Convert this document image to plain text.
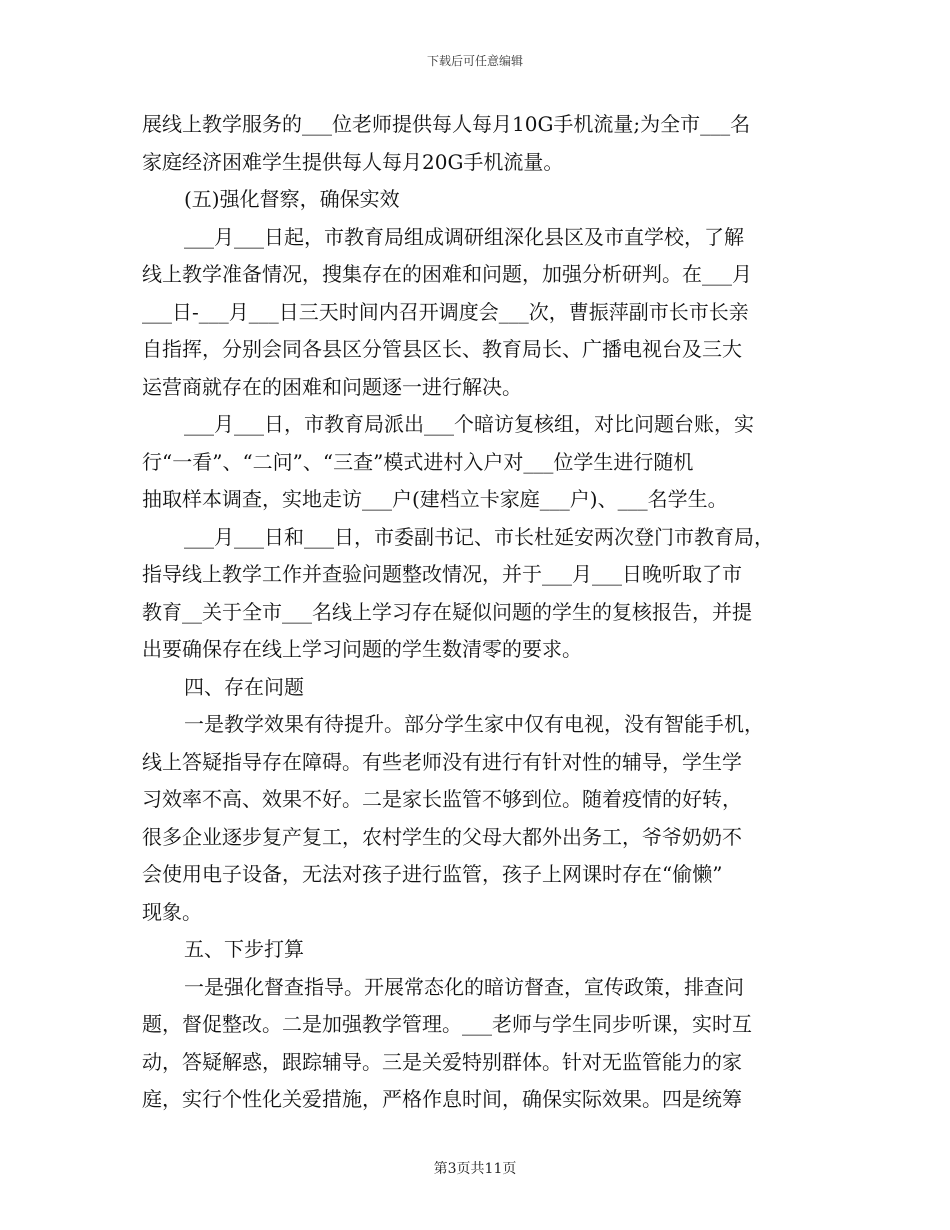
下载后可任意编辑
展线上教学服务的___位老师提供每人每月10G手机流量;为全市___名
家庭经济困难学生提供每人每月20G手机流量。
(五)强化督察，确保实效
___月___日起，市教育局组成调研组深化县区及市直学校，了解
线上教学准备情况，搜集存在的困难和问题，加强分析研判。在___月
___日-___月___日三天时间内召开调度会___次，曹振萍副市长市长亲
自指挥，分别会同各县区分管县区长、教育局长、广播电视台及三大
运营商就存在的困难和问题逐一进行解决。
___月___日，市教育局派出___个暗访复核组，对比问题台账，实
行“一看”、“二问”、“三查”模式进村入户对___位学生进行随机
抽取样本调查，实地走访___户(建档立卡家庭___户)、___名学生。
___月___日和___日，市委副书记、市长杜延安两次登门市教育局，
指导线上教学工作并查验问题整改情况，并于___月___日晚听取了市
教育__关于全市___名线上学习存在疑似问题的学生的复核报告，并提
出要确保存在线上学习问题的学生数清零的要求。
四、存在问题
一是教学效果有待提升。部分学生家中仅有电视，没有智能手机，
线上答疑指导存在障碍。有些老师没有进行有针对性的辅导，学生学
习效率不高、效果不好。二是家长监管不够到位。随着疫情的好转，
很多企业逐步复产复工，农村学生的父母大都外出务工，爷爷奶奶不
会使用电子设备，无法对孩子进行监管，孩子上网课时存在“偷懒”
现象。
五、下步打算
一是强化督查指导。开展常态化的暗访督查，宣传政策，排查问
题，督促整改。二是加强教学管理。___老师与学生同步听课，实时互
动，答疑解惑，跟踪辅导。三是关爱特别群体。针对无监管能力的家
庭，实行个性化关爱措施，严格作息时间，确保实际效果。四是统筹
第3页共11页
